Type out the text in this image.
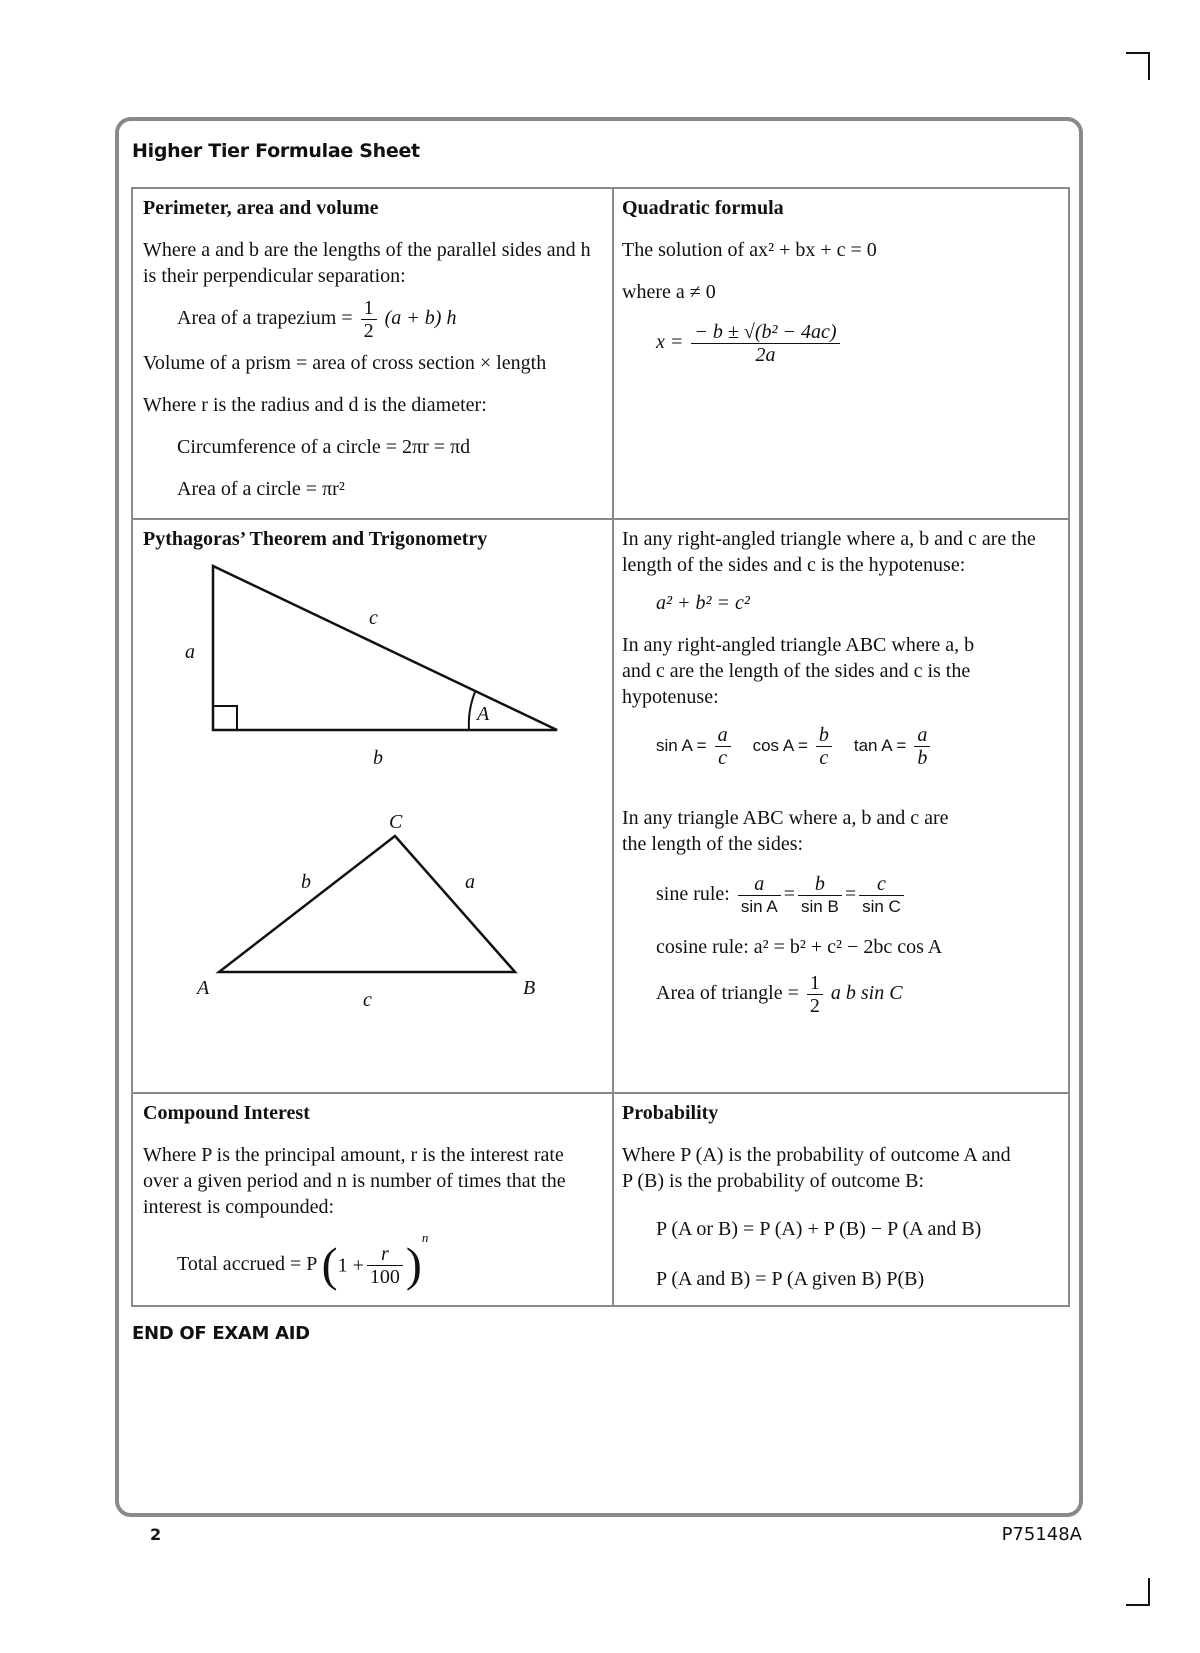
Higher Tier Formulae Sheet
Perimeter, area and volume
Where a and b are the lengths of the parallel sides and h is their perpendicular separation:
Area of a trapezium = $\frac{1}{2} (a + b)$ h
Volume of a prism = area of cross section × length
Where r is the radius and d is the diameter:
Circumference of a circle = 2πr = πd
Area of a circle = πr²
Quadratic formula
The solution of ax² + bx + c = 0
where a ≠ 0
$x = \frac{\text{− b ± √(b² − 4ac)}}{2a}$
Pythagoras’ Theorem and Trigonometry
a
b
c
A
C
A	B
b	a
c
In any right-angled triangle where a, b and c are the length of the sides and c is the hypotenuse:
a² + b² = c²
In any right-angled triangle ABC where a, b and c are the length of the sides and c is the hypotenuse:
$\sin A = \frac{a}{c}$ $\cos A = \frac{b}{c}$ $\tan A = \frac{a}{b}$
In any triangle ABC where a, b and c are the length of the sides:
sine rule: $\frac{a}{\text{sin A}} = \frac{b}{\text{sin B}} = \frac{c}{\text{sin C}}$
cosine rule: a² = b² + c² − 2bc cos A
Area of triangle = $\frac{1}{2}$ a b sin C
Compound Interest
Where P is the principal amount, r is the interest rate over a given period and n is number of times that the interest is compounded:
Total accrued = P $(1 + \frac{r}{100} )^n$
Probability
Where P (A) is the probability of outcome A and P (B) is the probability of outcome B:
P (A or B) = P (A) + P (B) − P (A and B)
P (A and B) = P (A given B) P(B)
END OF EXAM AID
2	P75148A
